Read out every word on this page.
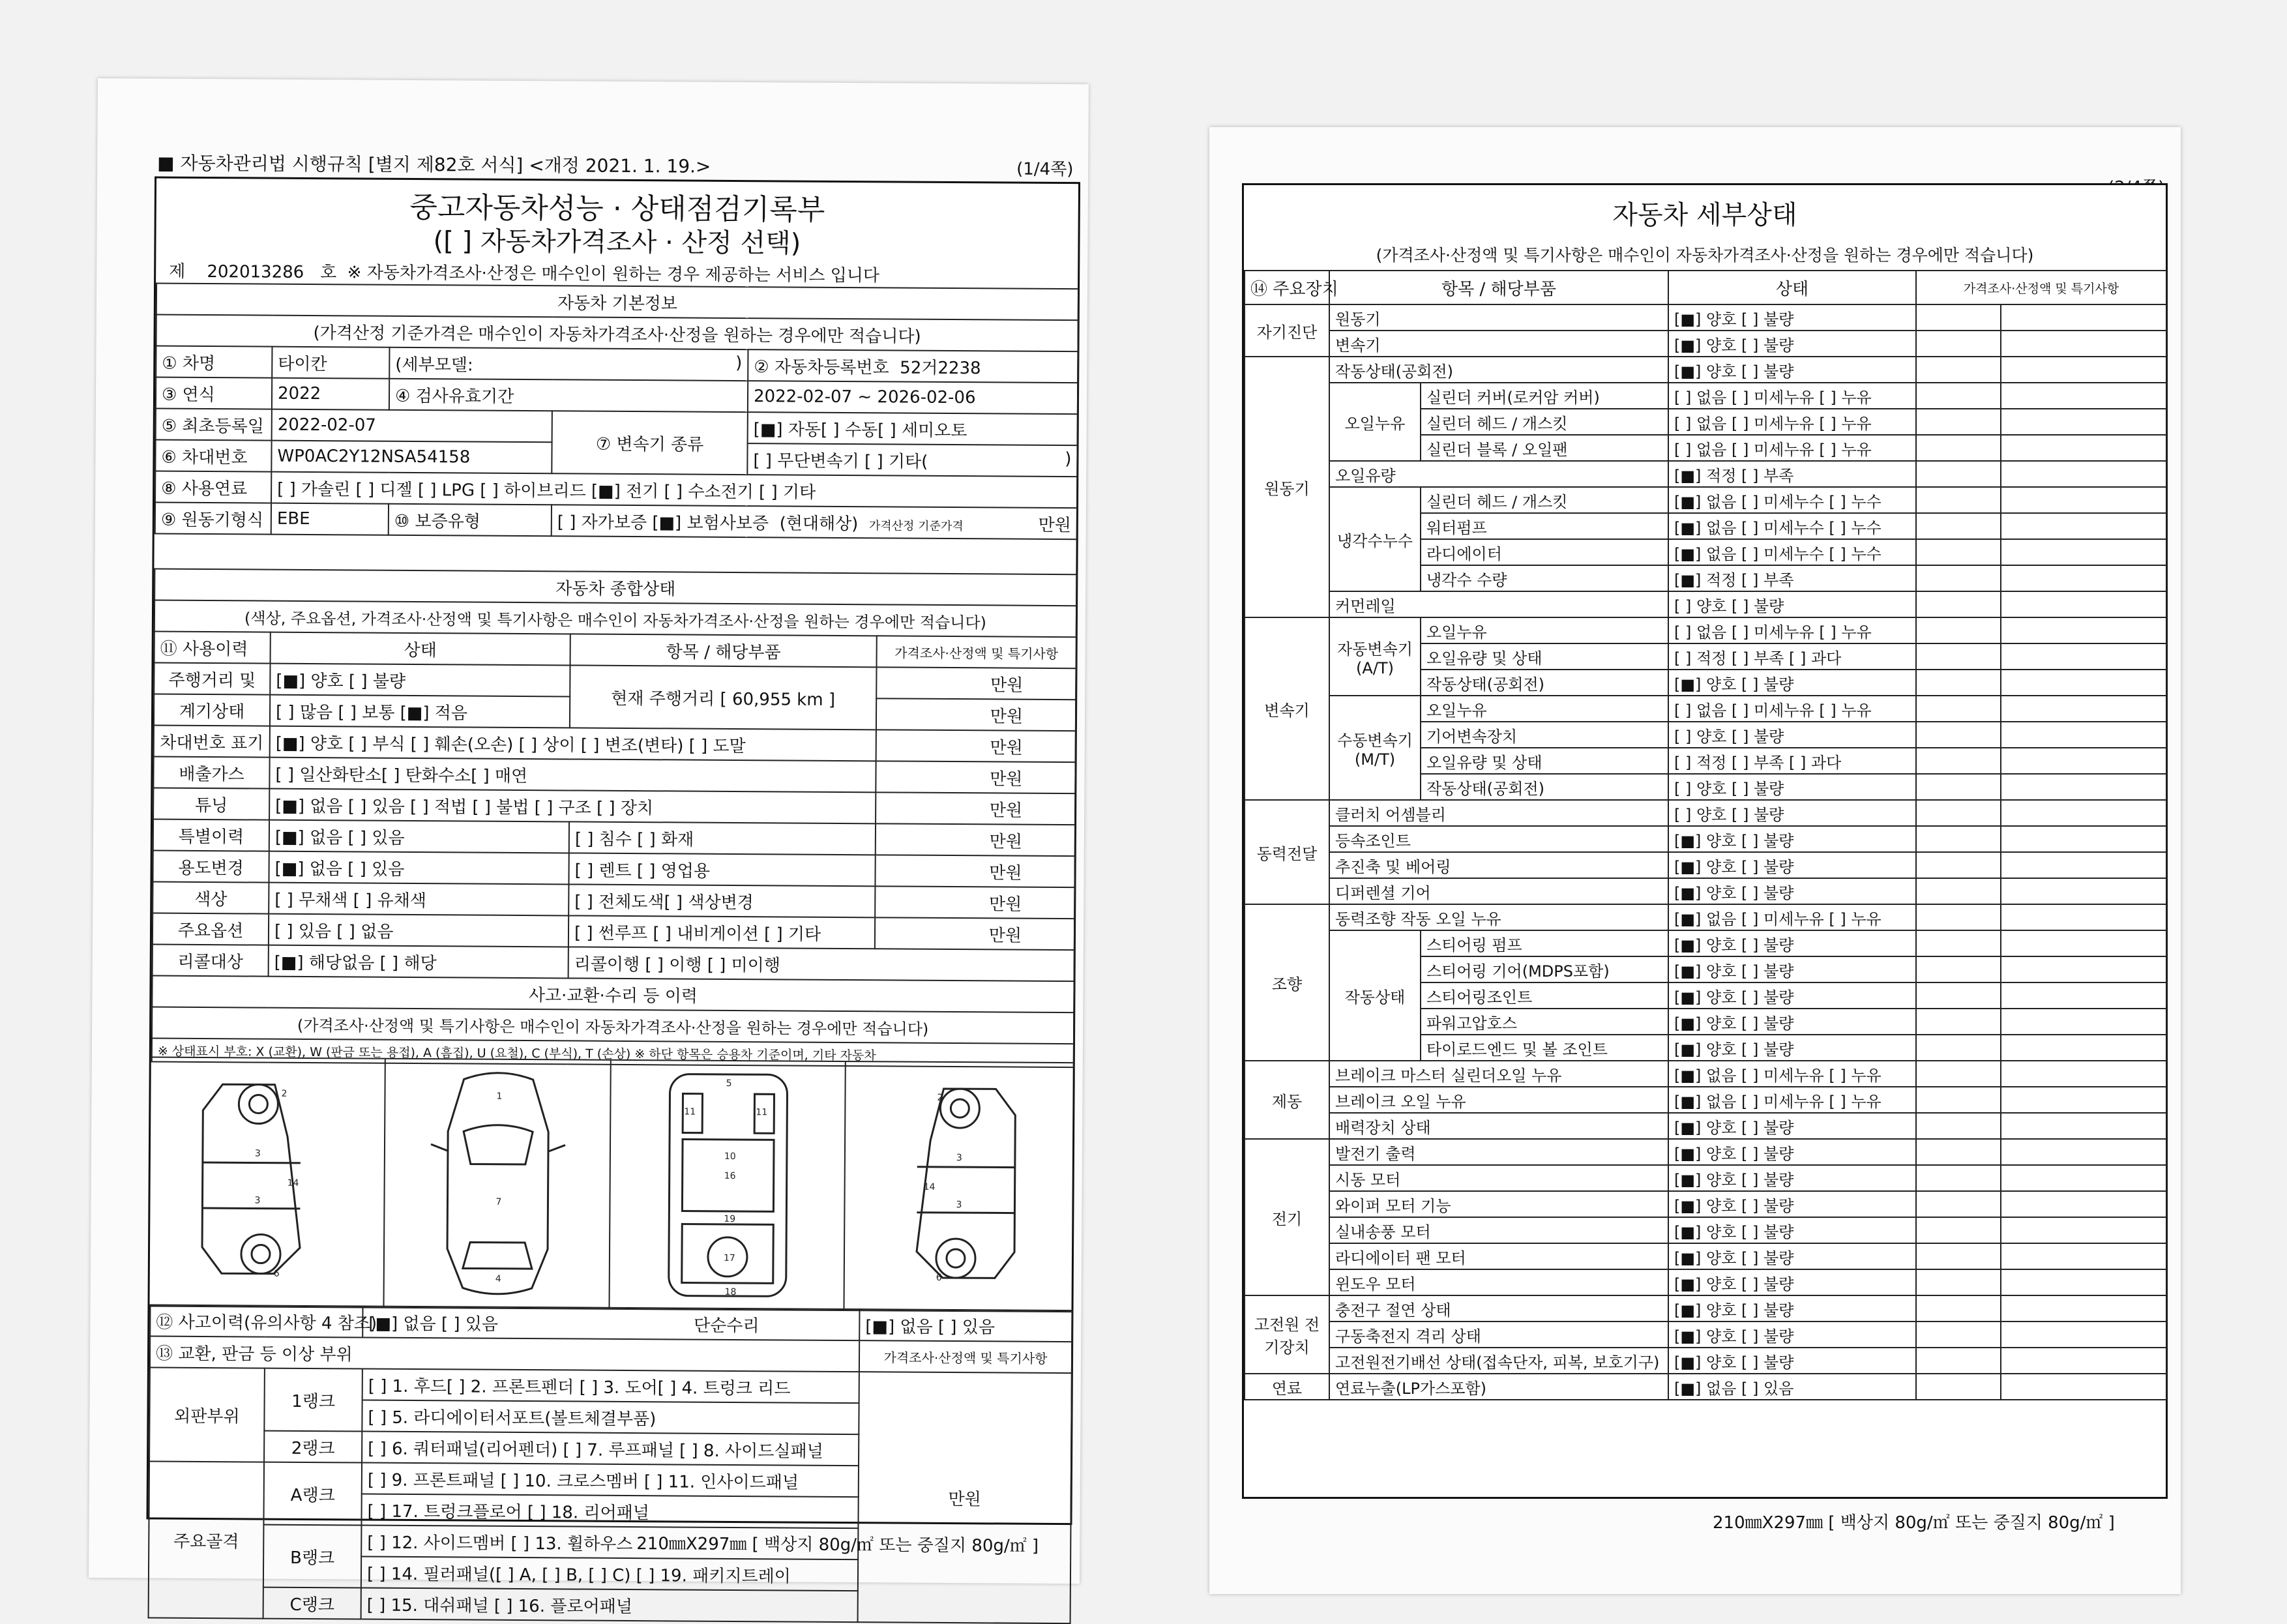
■ 자동차관리법 시행규칙 [별지 제82호 서식] <개정 2021. 1. 19.>	(1/4쪽)
중고자동차성능 · 상태점검기록부
([ ] 자동차가격조사 · 산정 선택)
제 202013286 호 ※ 자동차가격조사·산정은 매수인이 원하는 경우 제공하는 서비스 입니다
자동차 기본정보				
(가격산정 기준가격은 매수인이 자동차가격조사·산정을 원하는 경우에만 적습니다)				
① 차명	타이칸	(세부모델: )		② 자동차등록번호 52거2238
③ 연식	2022	④ 검사유효기간		2022-02-07 ~ 2026-02-06
⑤ 최초등록일	2022-02-07		⑦ 변속기 종류	[■] 자동[ ] 수동[ ] 세미오토
⑥ 차대번호	WP0AC2Y12NSA54158			[ ] 무단변속기 [ ] 기타( )

⑧ 사용연료	[ ] 가솔린 [ ] 디젤 [ ] LPG [ ] 하이브리드 [■] 전기 [ ] 수소전기 [ ] 기타			
⑨ 원동기형식	EBE	⑩ 보증유형	[ ] 자가보증 [■] 보험사보증 (현대해상) 가격산정 기준가격 만원	
자동차 종합상태			
(색상, 주요옵션, 가격조사·산정액 및 특기사항은 매수인이 자동차가격조사·산정을 원하는 경우에만 적습니다)			
⑪ 사용이력	상태	항목 / 해당부품	가격조사·산정액 및 특기사항
주행거리 및	[■] 양호 [ ] 불량	현재 주행거리 [ 60,955 km ]	만원
계기상태	[ ] 많음 [ ] 보통 [■] 적음		만원
차대번호 표기	[■] 양호 [ ] 부식 [ ] 훼손(오손) [ ] 상이 [ ] 변조(변타) [ ] 도말		만원
배출가스	[ ] 일산화탄소[ ] 탄화수소[ ] 매연		만원
튜닝	[■] 없음 [ ] 있음 [ ] 적법 [ ] 불법 [ ] 구조 [ ] 장치		만원
특별이력	[■] 없음 [ ] 있음	[ ] 침수 [ ] 화재	만원
용도변경	[■] 없음 [ ] 있음	[ ] 렌트 [ ] 영업용	만원
색상	[ ] 무채색 [ ] 유채색	[ ] 전체도색[ ] 색상변경	만원
주요옵션	[ ] 있음 [ ] 없음	[ ] 썬루프 [ ] 내비게이션 [ ] 기타	만원
리콜대상	[■] 해당없음 [ ] 해당	리콜이행 [ ] 이행 [ ] 미이행	
사고·교환·수리 등 이력			
(가격조사·산정액 및 특기사항은 매수인이 자동차가격조사·산정을 원하는 경우에만 적습니다)			
※ 상태표시 부호: X (교환), W (판금 또는 용접), A (흠집), U (요철), C (부식), T (손상) ※ 하단 항목은 승용차 기준이며, 기타 자동차			
2
3
3
14
6
1
7
4
5
11	11
10
16
19
17
18
2
3
3
14
6
⑫ 사고이력(유의사항 4 참조)		[■] 없음 [ ] 있음 단순수리	[■] 없음 [ ] 있음
⑬ 교환, 판금 등 이상 부위			가격조사·산정액 및 특기사항
외판부위	1랭크	[ ] 1. 후드[ ] 2. 프론트펜더 [ ] 3. 도어[ ] 4. 트렁크 리드	만원
		[ ] 5. 라디에이터서포트(볼트체결부품)	
	2랭크	[ ] 6. 쿼터패널(리어펜더) [ ] 7. 루프패널 [ ] 8. 사이드실패널	
주요골격	A랭크	[ ] 9. 프론트패널 [ ] 10. 크로스멤버 [ ] 11. 인사이드패널	
		[ ] 17. 트렁크플로어 [ ] 18. 리어패널	
	B랭크	[ ] 12. 사이드멤버 [ ] 13. 휠하우스	
		[ ] 14. 필러패널([ ] A, [ ] B, [ ] C) [ ] 19. 패키지트레이	
	C랭크	[ ] 15. 대쉬패널 [ ] 16. 플로어패널	
210㎜X297㎜ [ 백상지 80g/㎡ 또는 중질지 80g/㎡ ]
자동차 세부상태
(가격조사·산정액 및 특기사항은 매수인이 자동차가격조사·산정을 원하는 경우에만 적습니다)
⑭ 주요장치	항목 / 해당부품		상태	가격조사·산정액 및 특기사항	
자기진단	원동기		[■] 양호 [ ] 불량		
	변속기		[■] 양호 [ ] 불량		
원동기	작동상태(공회전)		[■] 양호 [ ] 불량		
	오일누유	실린더 커버(로커암 커버)	[ ] 없음 [ ] 미세누유 [ ] 누유		
		실린더 헤드 / 개스킷	[ ] 없음 [ ] 미세누유 [ ] 누유		
		실린더 블록 / 오일팬	[ ] 없음 [ ] 미세누유 [ ] 누유		
	오일유량		[■] 적정 [ ] 부족		
	냉각수누수	실린더 헤드 / 개스킷	[■] 없음 [ ] 미세누수 [ ] 누수		
		워터펌프	[■] 없음 [ ] 미세누수 [ ] 누수		
		라디에이터	[■] 없음 [ ] 미세누수 [ ] 누수		
		냉각수 수량	[■] 적정 [ ] 부족		
	커먼레일		[ ] 양호 [ ] 불량		
변속기	자동변속기(A/T)	오일누유	[ ] 없음 [ ] 미세누유 [ ] 누유		
		오일유량 및 상태	[ ] 적정 [ ] 부족 [ ] 과다		
		작동상태(공회전)	[■] 양호 [ ] 불량		
	수동변속기(M/T)	오일누유	[ ] 없음 [ ] 미세누유 [ ] 누유		
		기어변속장치	[ ] 양호 [ ] 불량		
		오일유량 및 상태	[ ] 적정 [ ] 부족 [ ] 과다		
		작동상태(공회전)	[ ] 양호 [ ] 불량		
동력전달	클러치 어셈블리		[ ] 양호 [ ] 불량		
	등속조인트		[■] 양호 [ ] 불량		
	추진축 및 베어링		[■] 양호 [ ] 불량		
	디퍼렌셜 기어		[■] 양호 [ ] 불량		
조향	동력조향 작동 오일 누유		[■] 없음 [ ] 미세누유 [ ] 누유		
	작동상태	스티어링 펌프	[■] 양호 [ ] 불량		
		스티어링 기어(MDPS포함)	[■] 양호 [ ] 불량		
		스티어링조인트	[■] 양호 [ ] 불량		
		파워고압호스	[■] 양호 [ ] 불량		
		타이로드엔드 및 볼 조인트	[■] 양호 [ ] 불량		
제동	브레이크 마스터 실린더오일 누유		[■] 없음 [ ] 미세누유 [ ] 누유		
	브레이크 오일 누유		[■] 없음 [ ] 미세누유 [ ] 누유		
	배력장치 상태		[■] 양호 [ ] 불량		
전기	발전기 출력		[■] 양호 [ ] 불량		
	시동 모터		[■] 양호 [ ] 불량		
	와이퍼 모터 기능		[■] 양호 [ ] 불량		
	실내송풍 모터		[■] 양호 [ ] 불량		
	라디에이터 팬 모터		[■] 양호 [ ] 불량		
	윈도우 모터		[■] 양호 [ ] 불량		
고전원 전기장치	충전구 절연 상태		[■] 양호 [ ] 불량		
	구동축전지 격리 상태		[■] 양호 [ ] 불량		
	고전원전기배선 상태(접속단자, 피복, 보호기구)		[■] 양호 [ ] 불량		
연료	연료누출(LP가스포함)		[■] 없음 [ ] 있음		
210㎜X297㎜ [ 백상지 80g/㎡ 또는 중질지 80g/㎡ ]
